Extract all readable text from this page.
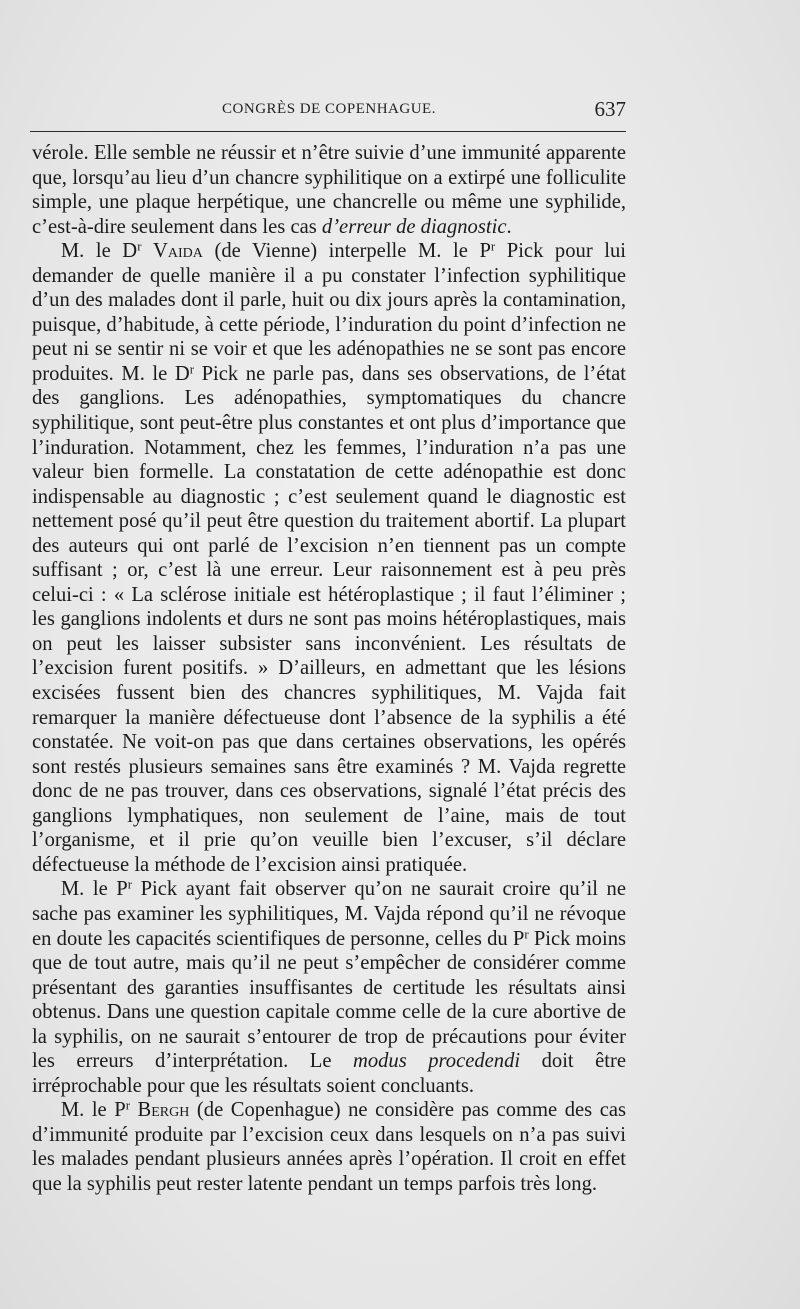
CONGRÈS DE COPENHAGUE.	637

vérole. Elle semble ne réussir et n’être suivie d’une immunité apparente que, lorsqu’au lieu d’un chancre syphilitique on a extirpé une folliculite simple, une plaque herpétique, une chancrelle ou même une syphilide, c’est-à-dire seulement dans les cas d’erreur de diagnostic.

M. le $D^r$ Vaida (de Vienne) interpelle M. le $P^r$ Pick pour lui demander de quelle manière il a pu constater l’infection syphilitique d’un des malades dont il parle, huit ou dix jours après la contamination, puisque, d’habitude, à cette période, l’induration du point d’infection ne peut ni se sentir ni se voir et que les adénopathies ne se sont pas encore produites. M. le $D^r$ Pick ne parle pas, dans ses observations, de l’état des ganglions. Les adénopathies, symptomatiques du chancre syphilitique, sont peut-être plus constantes et ont plus d’importance que l’induration. Notamment, chez les femmes, l’induration n’a pas une valeur bien formelle. La constatation de cette adénopathie est donc indispensable au diagnostic ; c’est seulement quand le diagnostic est nettement posé qu’il peut être question du traitement abortif. La plupart des auteurs qui ont parlé de l’excision n’en tiennent pas un compte suffisant ; or, c’est là une erreur. Leur raisonnement est à peu près celui-ci : « La sclérose initiale est hétéroplastique ; il faut l’éliminer ; les ganglions indolents et durs ne sont pas moins hétéroplastiques, mais on peut les laisser subsister sans inconvénient. Les résultats de l’excision furent positifs. » D’ailleurs, en admettant que les lésions excisées fussent bien des chancres syphilitiques, M. Vajda fait remarquer la manière défectueuse dont l’absence de la syphilis a été constatée. Ne voit-on pas que dans certaines observations, les opérés sont restés plusieurs semaines sans être examinés ? M. Vajda regrette donc de ne pas trouver, dans ces observations, signalé l’état précis des ganglions lymphatiques, non seulement de l’aine, mais de tout l’organisme, et il prie qu’on veuille bien l’excuser, s’il déclare défectueuse la méthode de l’excision ainsi pratiquée.

M. le $P^r$ Pick ayant fait observer qu’on ne saurait croire qu’il ne sache pas examiner les syphilitiques, M. Vajda répond qu’il ne révoque en doute les capacités scientifiques de personne, celles du $P^r$ Pick moins que de tout autre, mais qu’il ne peut s’empêcher de considérer comme présentant des garanties insuffisantes de certitude les résultats ainsi obtenus. Dans une question capitale comme celle de la cure abortive de la syphilis, on ne saurait s’entourer de trop de précautions pour éviter les erreurs d’interprétation. Le modus procedendi doit être irréprochable pour que les résultats soient concluants.

M. le $P^r$ Bergh (de Copenhague) ne considère pas comme des cas d’immunité produite par l’excision ceux dans lesquels on n’a pas suivi les malades pendant plusieurs années après l’opération. Il croit en effet que la syphilis peut rester latente pendant un temps parfois très long.
